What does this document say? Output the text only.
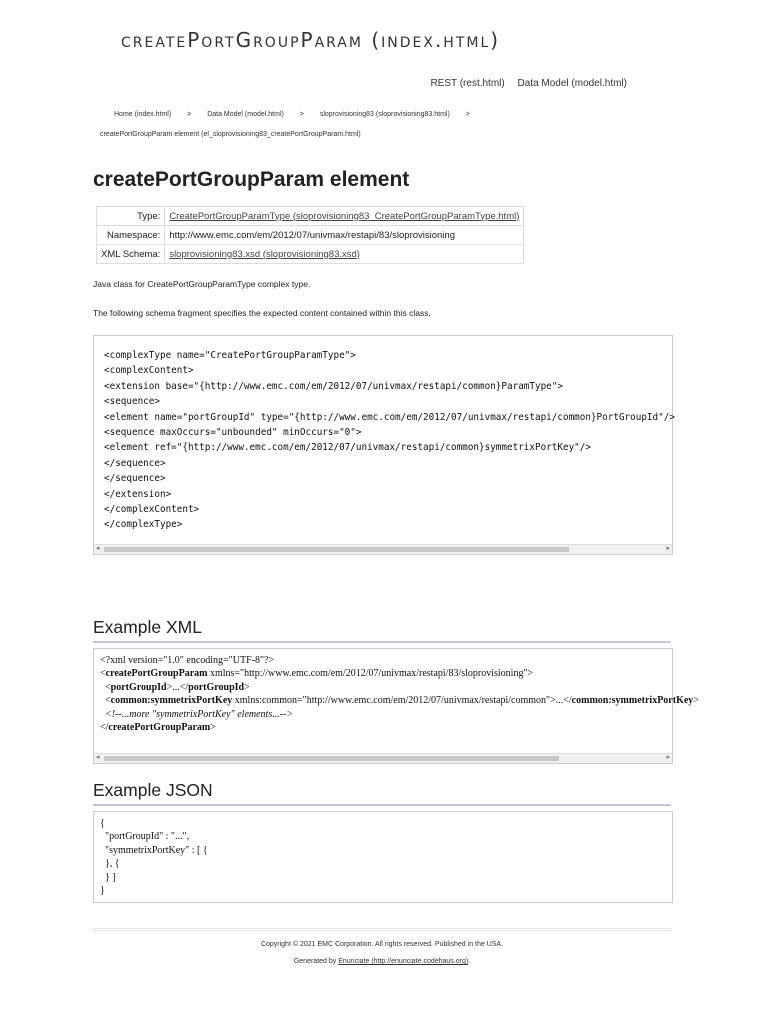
createPortGroupParam (index.html)
REST (rest.html) Data Model (model.html)
Home (index.html) > Data Model (model.html) > sloprovisioning83 (sloprovisioning83.html) >
createPortGroupParam element (el_sloprovisioning83_createPortGroupParam.html)
createPortGroupParam element
Type:	CreatePortGroupParamType (sloprovisioning83_CreatePortGroupParamType.html)
Namespace:	http://www.emc.com/em/2012/07/univmax/restapi/83/sloprovisioning
XML Schema:	sloprovisioning83.xsd (sloprovisioning83.xsd)

Java class for CreatePortGroupParamType complex type.

The following schema fragment specifies the expected content contained within this class.

<complexType name="CreatePortGroupParamType">
<complexContent>
<extension base="{http://www.emc.com/em/2012/07/univmax/restapi/common}ParamType">
<sequence>
<element name="portGroupId" type="{http://www.emc.com/em/2012/07/univmax/restapi/common}PortGroupId"/>
<sequence maxOccurs="unbounded" minOccurs="0">
<element ref="{http://www.emc.com/em/2012/07/univmax/restapi/common}symmetrixPortKey"/>
</sequence>
</sequence>
</extension>
</complexContent>
</complexType>
◂	▸
Example XML
<?xml version="1.0" encoding="UTF-8"?>
<createPortGroupParam xmlns="http://www.emc.com/em/2012/07/univmax/restapi/83/sloprovisioning">
<portGroupId>...</portGroupId>
<common:symmetrixPortKey xmlns:common="http://www.emc.com/em/2012/07/univmax/restapi/common">...</common:symmetrixPortKey>
<!--...more "symmetrixPortKey" elements...-->
</createPortGroupParam>
◂	▸
Example JSON
{
"portGroupId" : "...",
"symmetrixPortKey" : [ {
}, {
} ]
}

Copyright © 2021 EMC Corporation. All rights reserved. Published in the USA.

Generated by Enunciate (http://enunciate.codehaus.org).
